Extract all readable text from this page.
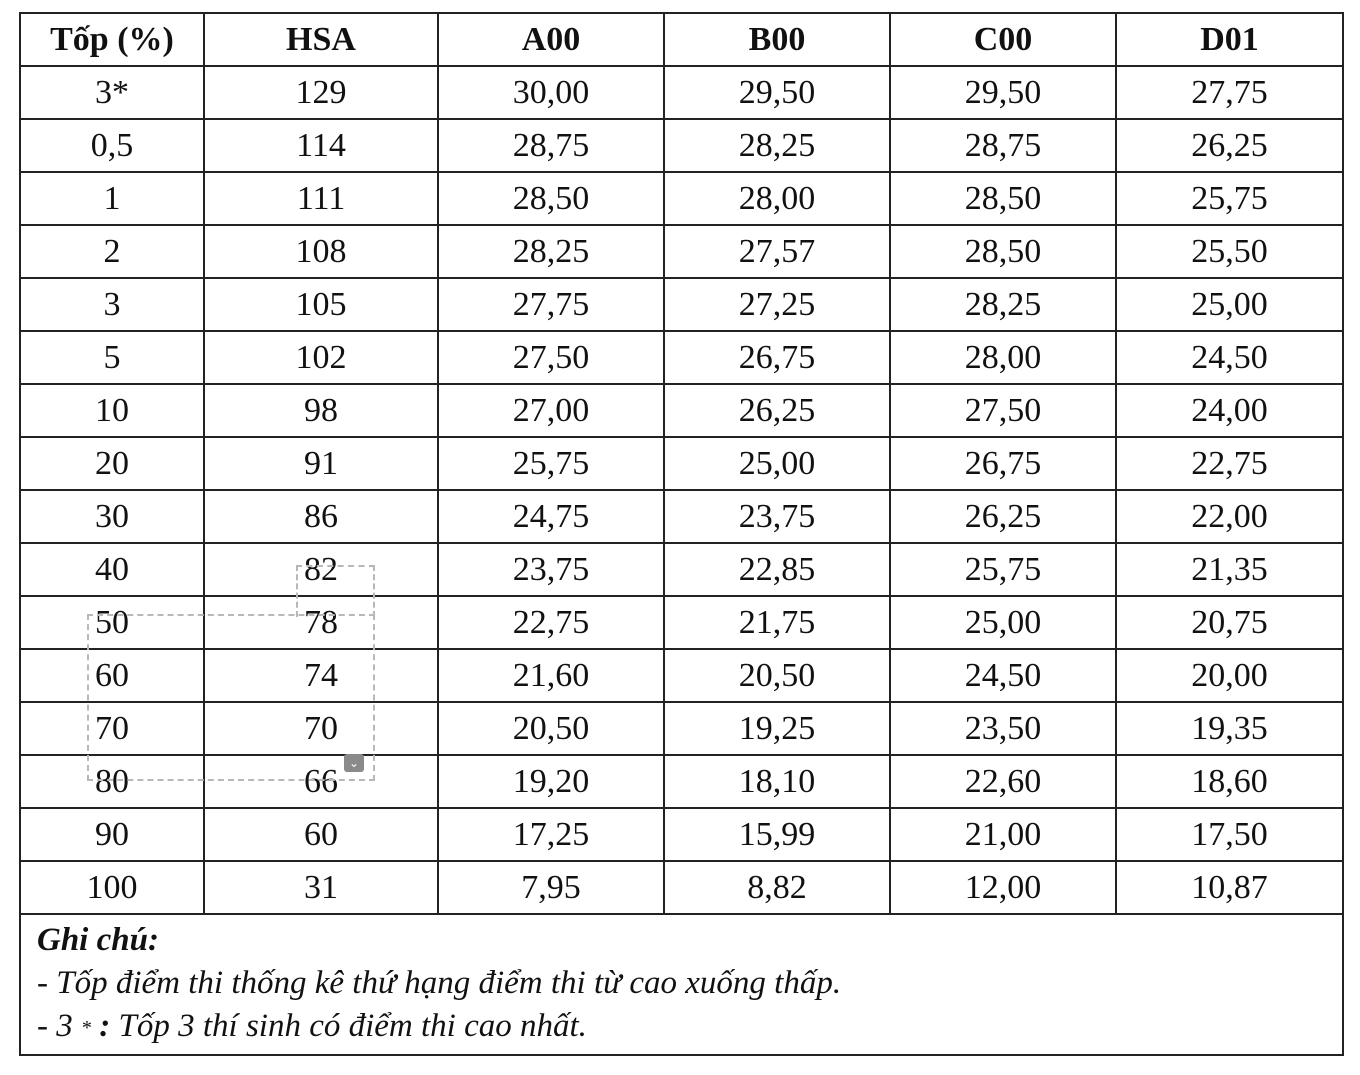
Tốp (%)	HSA	A00	B00	C00	D01
3*	129	30,00	29,50	29,50	27,75
0,5	114	28,75	28,25	28,75	26,25
1	111	28,50	28,00	28,50	25,75
2	108	28,25	27,57	28,50	25,50
3	105	27,75	27,25	28,25	25,00
5	102	27,50	26,75	28,00	24,50
10	98	27,00	26,25	27,50	24,00
20	91	25,75	25,00	26,75	22,75
30	86	24,75	23,75	26,25	22,00
40	82	23,75	22,85	25,75	21,35
50	78	22,75	21,75	25,00	20,75
60	74	21,60	20,50	24,50	20,00
70	70	20,50	19,25	23,50	19,35
80	66	19,20	18,10	22,60	18,60
90	60	17,25	15,99	21,00	17,50
100	31	7,95	8,82	12,00	10,87

Ghi chú:
- Tốp điểm thi thống kê thứ hạng điểm thi từ cao xuống thấp.
- 3 * : Tốp 3 thí sinh có điểm thi cao nhất.					
⌄
